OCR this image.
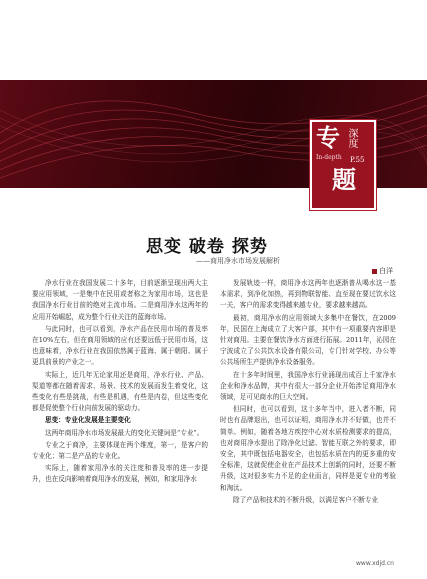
专 深度
In-depth P.55
题
思变 破卷 探势
——商用净水市场发展解析
白洋

净水行业在我国发展二十多年，目前逐渐呈现出两大主要应用领域，一是集中在民用或者称之为家用市场，这也是我国净水行业目前的绝对主流市场。二是商用净水这两年的应用开始崛起，成为整个行业关注的蓝海市场。

与此同时，也可以看到，净水产品在民用市场的普及率在10%左右，但在商用领域的应有还要远低于民用市场，这也意味着，净水行业在我国依然属于蓝海、属于朝阳、属于更具前景的产业之一。

实际上，近几年无论家用还是商用，净水行业、产品、渠道等都在随着需求、场景、技术的发展而发生着变化，这些变化有些是挑战，有些是机遇，有些是内卷，但这些变化都是促使整个行业向前发展的驱动力。

思变：专业化发展是主要变化

这两年商用净水市场发展最大的变化关键词是“专业”。

专业之于商净，主要体现在两个维度，第一，是客户的专业化；第二是产品的专业化。

实际上，随着家用净水的关注度和普及率的进一步提升，也在反向影响着商用净水的发展，例如，和家用净水

发展轨迹一样，商用净水这两年也逐渐普从喝水这一基本需求，到净化加热，再到物联智能、直至现在要过饮水这一关，客户的需求变得越来越专业，要求越来越高。

最初，商用净水的应用领域大多集中在餐饮，在2009年，民国在上海成立了大客户部，其中有一项重要内容即是针对商用。主要在餐饮净水方面进行拓展。2011年，沁园在宁波成立了公共饮水设备有限公司，专门针对学校、办公等公共场所生产提供净水设备服务。

在十多年时间里，我国净水行业涌现出成百上千家净水企业和净水品牌，其中有很大一部分企业开始涉足商用净水领域，足可见商水的巨大空间。

但同时，也可以看到，这十多年当中，进入者不断，同时也有品牌退出，也可以证明，商用净水并不好做，也并不简单。例如，随着各地方疾控中心对水质检测要求的提高，也对商用净水提出了除净化过滤、智能互联之外的要求，即安全，其中既包括电器安全，也包括水质在内的更多重的安全标准，这就促使企业在产品技术上创新的同时，还要不断升级，这对很多实力不足的企业而言，同样是更专业的考验和淘汰。

除了产品和技术的不断升级，以满足客户不断专业

www.xdjd.cn
